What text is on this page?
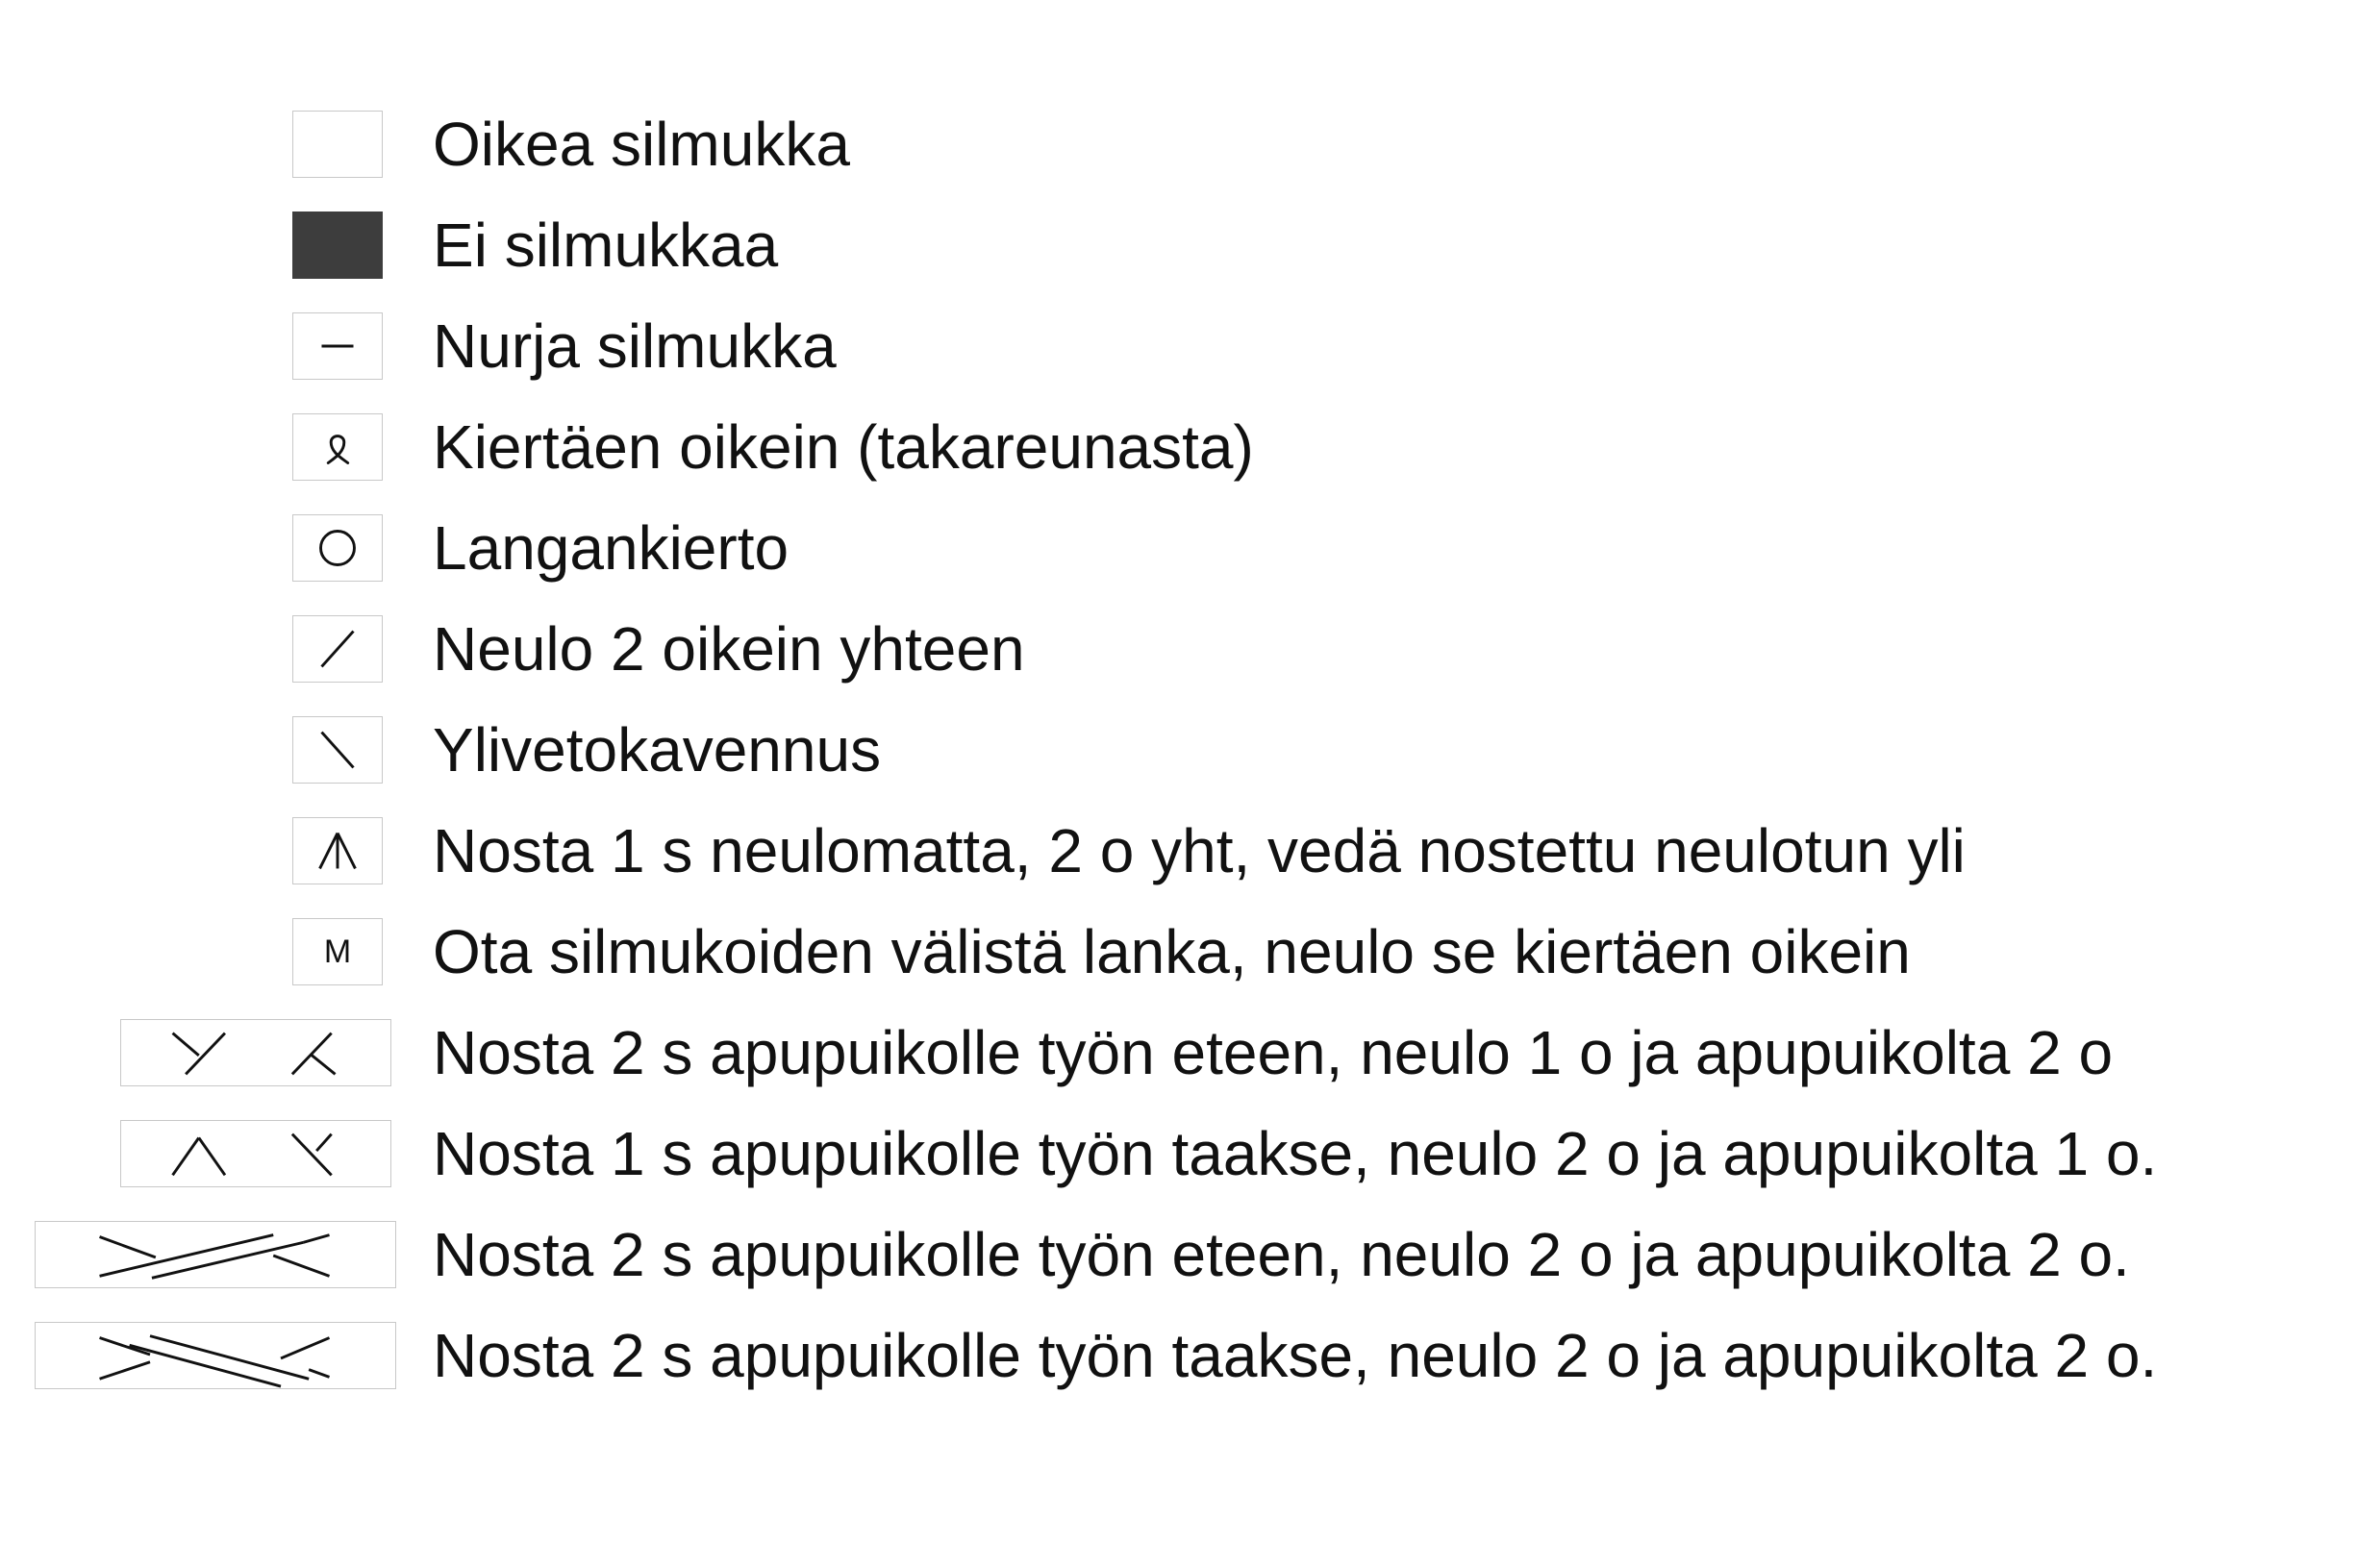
Oikea silmukka
Ei silmukkaa
Nurja silmukka
Kiertäen oikein (takareunasta)
Langankierto
Neulo 2 oikein yhteen
Ylivetokavennus
Nosta 1 s neulomatta, 2 o yht, vedä nostettu neulotun yli
M	Ota silmukoiden välistä lanka, neulo se kiertäen oikein
Nosta 2 s apupuikolle työn eteen, neulo 1 o ja apupuikolta 2 o
Nosta 1 s apupuikolle työn taakse, neulo 2 o ja apupuikolta 1 o.
Nosta 2 s apupuikolle työn eteen, neulo 2 o ja apupuikolta 2 o.
Nosta 2 s apupuikolle työn taakse, neulo 2 o ja apupuikolta 2 o.
